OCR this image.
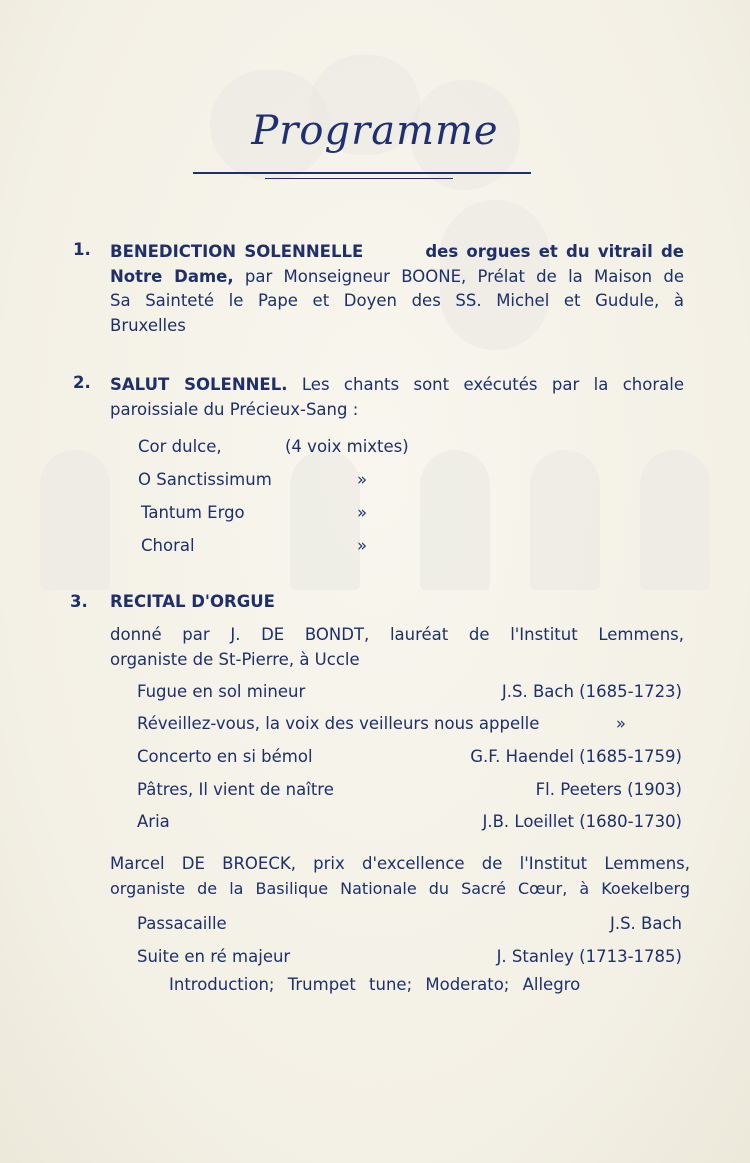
Programme
1. BENEDICTION SOLENNELLE	des orgues et du vitrail de
Notre Dame, par Monseigneur BOONE, Prélat de la Maison de
Sa Sainteté le Pape et Doyen des SS. Michel et Gudule, à
Bruxelles
2. SALUT SOLENNEL. Les chants sont exécutés par la chorale
paroissiale du Précieux-Sang :
Cor dulce,	(4 voix mixtes)
O Sanctissimum	»
Tantum Ergo	»
Choral	»
3. RECITAL D'ORGUE
donné par J. DE BONDT, lauréat de l'Institut Lemmens,
organiste de St-Pierre, à Uccle
Fugue en sol mineur	J.S. Bach (1685-1723)
Réveillez-vous, la voix des veilleurs nous appelle	»
Concerto en si bémol	G.F. Haendel (1685-1759)
Pâtres, Il vient de naître	Fl. Peeters (1903)
Aria	J.B. Loeillet (1680-1730)
Marcel DE BROECK, prix d'excellence de l'Institut Lemmens,
organiste de la Basilique Nationale du Sacré Cœur, à Koekelberg
Passacaille	J.S. Bach
Suite en ré majeur	J. Stanley (1713-1785)
Introduction; Trumpet tune; Moderato; Allegro
